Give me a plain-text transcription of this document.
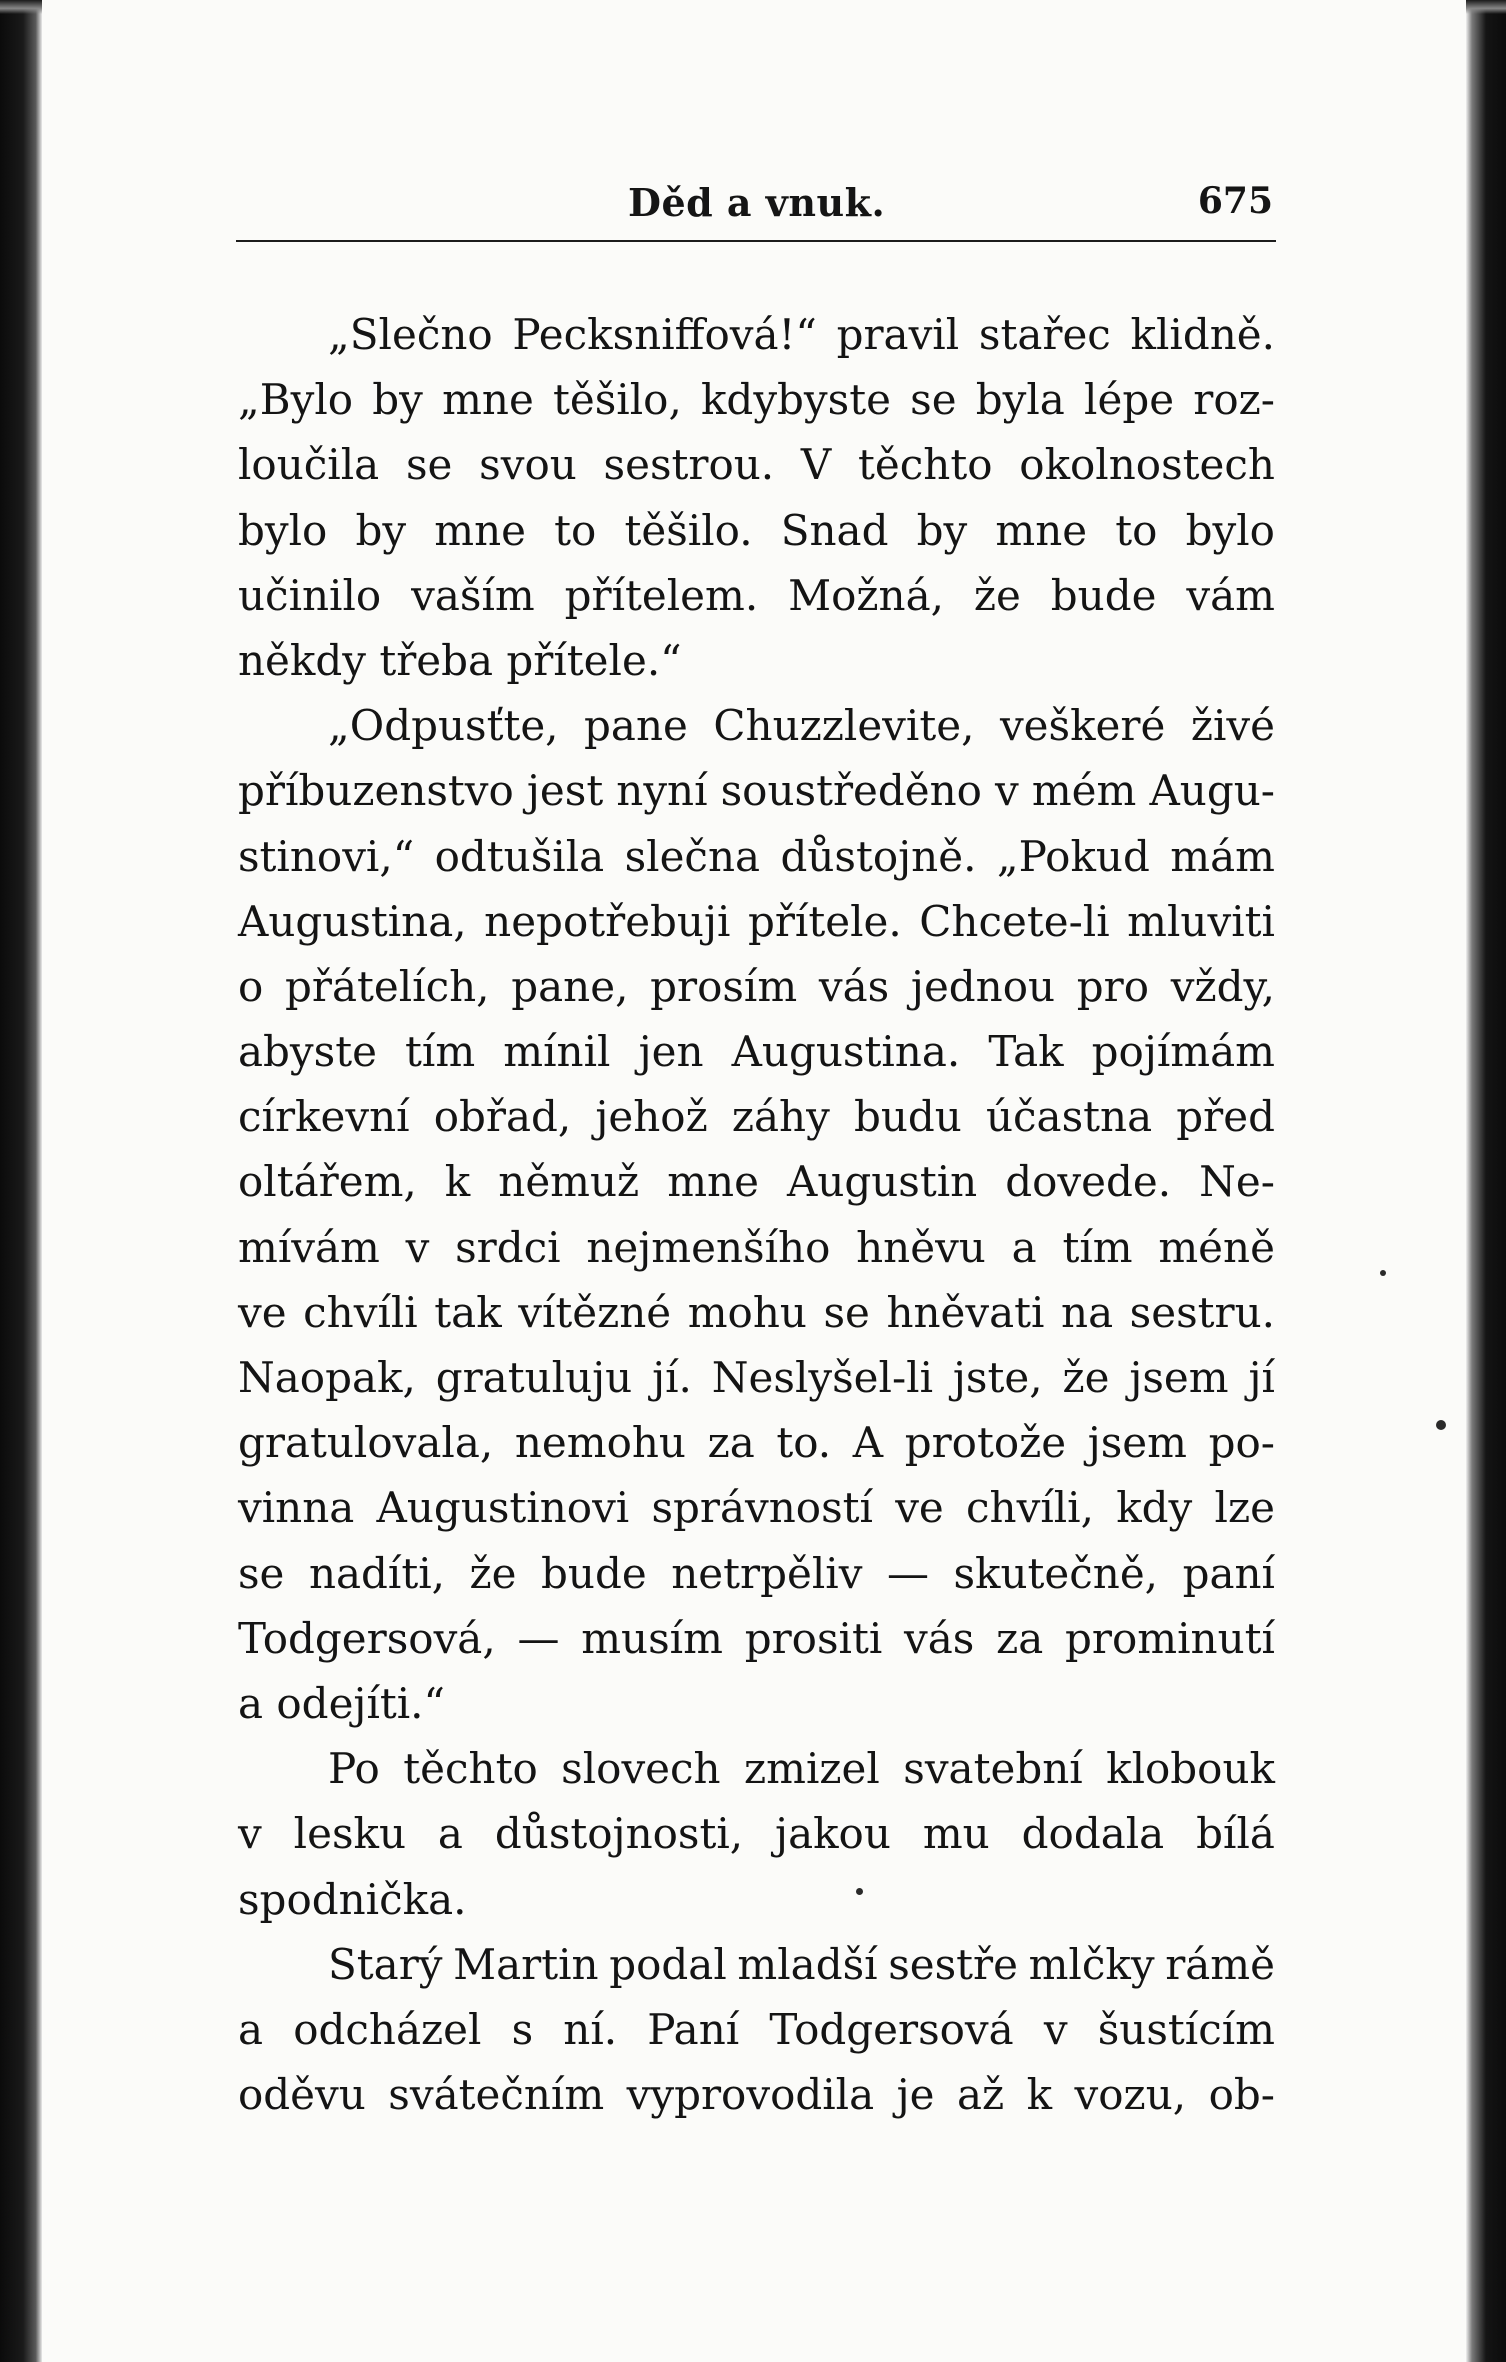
Děd a vnuk.	675
„Slečno Pecksniffová!“ pravil stařec klidně.
„Bylo by mne těšilo, kdybyste se byla lépe roz-
loučila se svou sestrou. V těchto okolnostech
bylo by mne to těšilo. Snad by mne to bylo
učinilo vaším přítelem. Možná, že bude vám
někdy třeba přítele.“
„Odpusťte, pane Chuzzlevite, veškeré živé
příbuzenstvo jest nyní soustředěno v mém Augu-
stinovi,“ odtušila slečna důstojně. „Pokud mám
Augustina, nepotřebuji přítele. Chcete-li mluviti
o přátelích, pane, prosím vás jednou pro vždy,
abyste tím mínil jen Augustina. Tak pojímám
církevní obřad, jehož záhy budu účastna před
oltářem, k němuž mne Augustin dovede. Ne-
mívám v srdci nejmenšího hněvu a tím méně
ve chvíli tak vítězné mohu se hněvati na sestru.
Naopak, gratuluju jí. Neslyšel-li jste, že jsem jí
gratulovala, nemohu za to. A protože jsem po-
vinna Augustinovi správností ve chvíli, kdy lze
se nadíti, že bude netrpěliv — skutečně, paní
Todgersová, — musím prositi vás za prominutí
a odejíti.“
Po těchto slovech zmizel svatební klobouk
v lesku a důstojnosti, jakou mu dodala bílá
spodnička.
Starý Martin podal mladší sestře mlčky rámě
a odcházel s ní. Paní Todgersová v šustícím
oděvu svátečním vyprovodila je až k vozu, ob-
